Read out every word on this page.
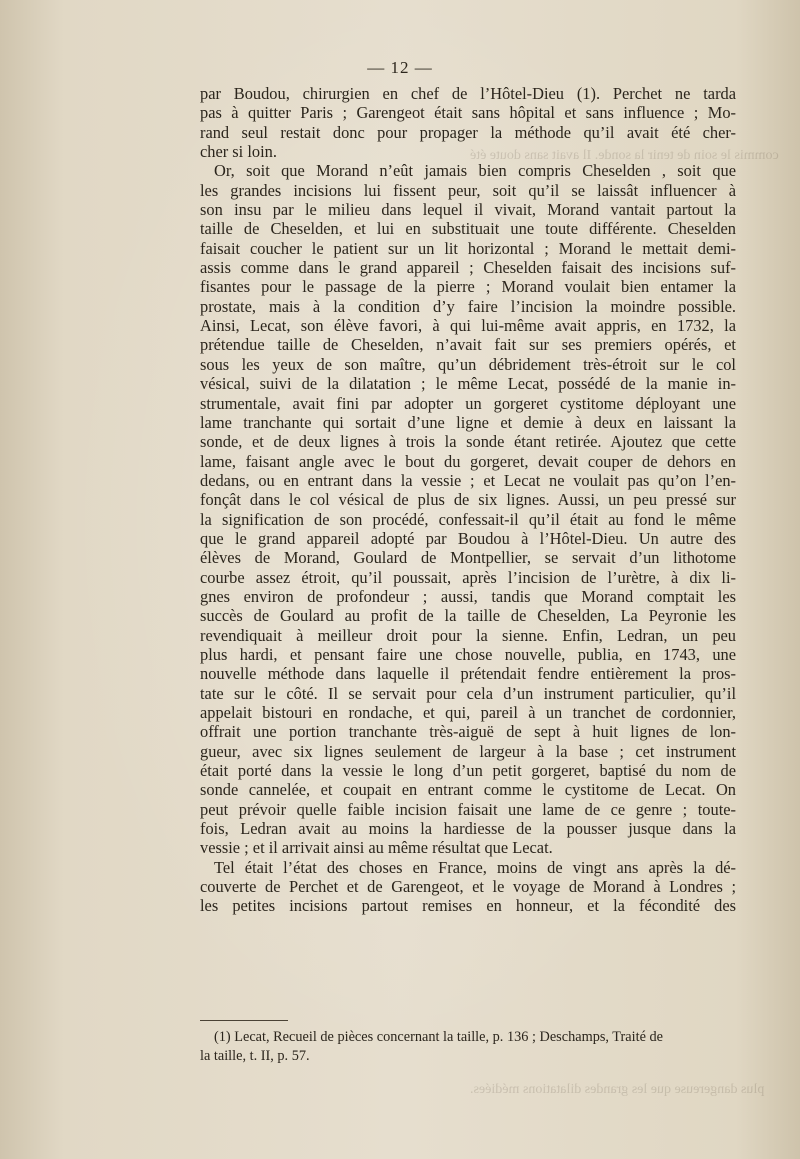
commis le soin de tenir la sonde. Il avait sans doute été
plus dangereuse que les grandes dilatations médiées.
— 12 —
par Boudou, chirurgien en chef de l’Hôtel-Dieu (1). Perchet ne tarda
pas à quitter Paris ; Garengeot était sans hôpital et sans influence ; Mo-
rand seul restait donc pour propager la méthode qu’il avait été cher-
cher si loin.
Or, soit que Morand n’eût jamais bien compris Cheselden , soit que
les grandes incisions lui fissent peur, soit qu’il se laissât influencer à
son insu par le milieu dans lequel il vivait, Morand vantait partout la
taille de Cheselden, et lui en substituait une toute différente. Cheselden
faisait coucher le patient sur un lit horizontal ; Morand le mettait demi-
assis comme dans le grand appareil ; Cheselden faisait des incisions suf-
fisantes pour le passage de la pierre ; Morand voulait bien entamer la
prostate, mais à la condition d’y faire l’incision la moindre possible.
Ainsi, Lecat, son élève favori, à qui lui-même avait appris, en 1732, la
prétendue taille de Cheselden, n’avait fait sur ses premiers opérés, et
sous les yeux de son maître, qu’un débridement très-étroit sur le col
vésical, suivi de la dilatation ; le même Lecat, possédé de la manie in-
strumentale, avait fini par adopter un gorgeret cystitome déployant une
lame tranchante qui sortait d’une ligne et demie à deux en laissant la
sonde, et de deux lignes à trois la sonde étant retirée. Ajoutez que cette
lame, faisant angle avec le bout du gorgeret, devait couper de dehors en
dedans, ou en entrant dans la vessie ; et Lecat ne voulait pas qu’on l’en-
fonçât dans le col vésical de plus de six lignes. Aussi, un peu pressé sur
la signification de son procédé, confessait-il qu’il était au fond le même
que le grand appareil adopté par Boudou à l’Hôtel-Dieu. Un autre des
élèves de Morand, Goulard de Montpellier, se servait d’un lithotome
courbe assez étroit, qu’il poussait, après l’incision de l’urètre, à dix li-
gnes environ de profondeur ; aussi, tandis que Morand comptait les
succès de Goulard au profit de la taille de Cheselden, La Peyronie les
revendiquait à meilleur droit pour la sienne. Enfin, Ledran, un peu
plus hardi, et pensant faire une chose nouvelle, publia, en 1743, une
nouvelle méthode dans laquelle il prétendait fendre entièrement la pros-
tate sur le côté. Il se servait pour cela d’un instrument particulier, qu’il
appelait bistouri en rondache, et qui, pareil à un tranchet de cordonnier,
offrait une portion tranchante très-aiguë de sept à huit lignes de lon-
gueur, avec six lignes seulement de largeur à la base ; cet instrument
était porté dans la vessie le long d’un petit gorgeret, baptisé du nom de
sonde cannelée, et coupait en entrant comme le cystitome de Lecat. On
peut prévoir quelle faible incision faisait une lame de ce genre ; toute-
fois, Ledran avait au moins la hardiesse de la pousser jusque dans la
vessie ; et il arrivait ainsi au même résultat que Lecat.
Tel était l’état des choses en France, moins de vingt ans après la dé-
couverte de Perchet et de Garengeot, et le voyage de Morand à Londres ;
les petites incisions partout remises en honneur, et la fécondité des
(1) Lecat, Recueil de pièces concernant la taille, p. 136 ; Deschamps, Traité de
la taille, t. II, p. 57.
